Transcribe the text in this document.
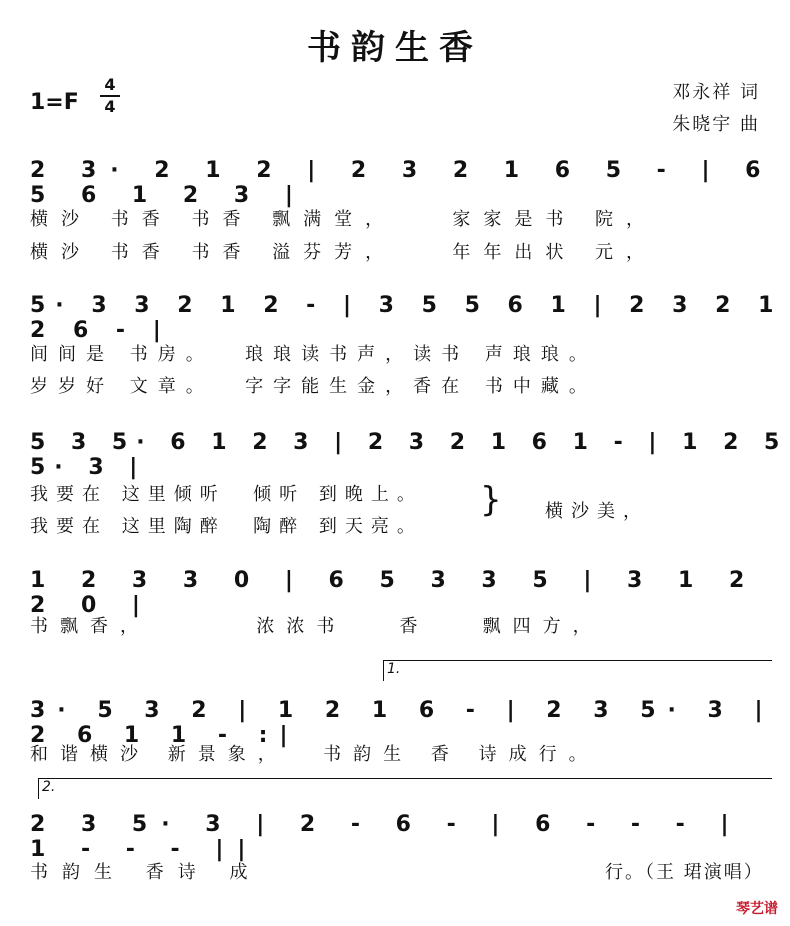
书韵生香
1=F
4
4
邓永祥 词
朱晓宇 曲
2 3· 2 1 2 | 2 3 2 1 6 5 - | 6 5 6 1 2 3 |
横沙 书香 书香 飘满堂，   家家是书 院，
横沙 书香 书香 溢芬芳，   年年出状 元，
5· 3 3 2 1 2 - | 3 5 5 6 1 | 2 3 2 1 2 6 - |
间间是 书房。  琅琅读书声，读书 声琅琅。
岁岁好 文章。  字字能生金，香在 书中藏。
5 3 5· 6 1 2 3 | 2 3 2 1 6 1 - | 1 2 5 5· 3 |
我要在 这里倾听  倾听 到晚上。
我要在 这里陶醉  陶醉 到天亮。
} 横沙美，
1 2 3 3 0 | 6 5 3 3 5 | 3 1 2 2 0 |
书飘香，      浓浓书   香   飘四方，
1.
3· 5 3 2 | 1 2 1 6 - | 2 3 5· 3 | 2 6 1 1 - :|
和谐横沙 新景象，  书韵生 香 诗成行。
2.
2 3 5· 3 | 2 - 6 - | 6 - - - | 1 - - - ||
书韵生 香诗 成	行。（王 珺演唱）
琴艺谱
